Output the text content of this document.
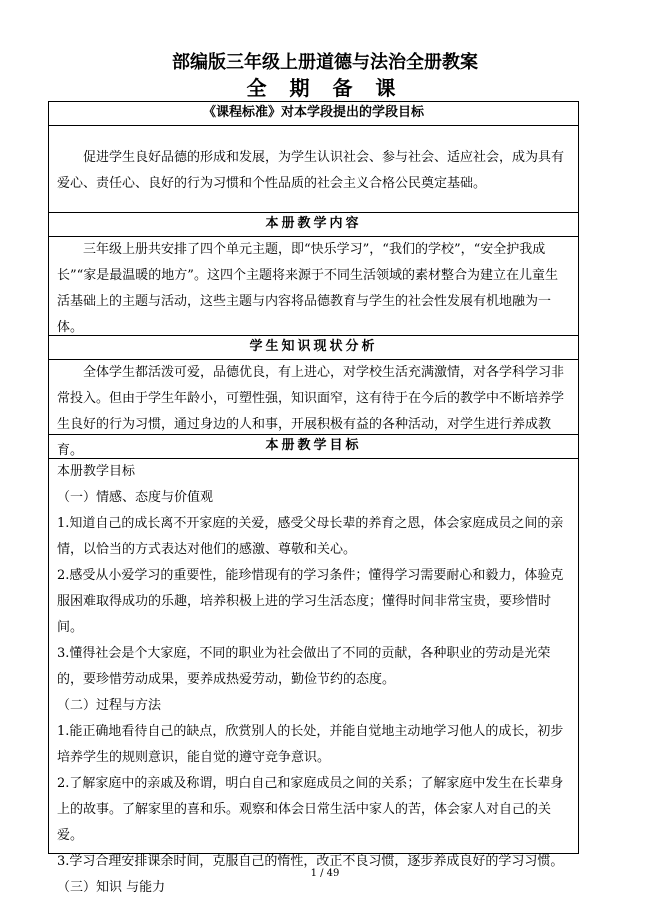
部编版三年级上册道德与法治全册教案
全 期 备 课
《课程标准》对本学段提出的学段目标

促进学生良好品德的形成和发展，为学生认识社会、参与社会、适应社会，成为具有爱心、责任心、良好的行为习惯和个性品质的社会主义合格公民奠定基础。

本册教学内容

三年级上册共安排了四个单元主题，即“快乐学习”，“我们的学校”，“安全护我成长”“家是最温暖的地方”。这四个主题将来源于不同生活领域的素材整合为建立在儿童生活基础上的主题与活动，这些主题与内容将品德教育与学生的社会性发展有机地融为一体。

学生知识现状分析

全体学生都活泼可爱，品德优良，有上进心，对学校生活充满激情，对各学科学习非常投入。但由于学生年龄小，可塑性强，知识面窄，这有待于在今后的教学中不断培养学生良好的行为习惯，通过身边的人和事，开展积极有益的各种活动，对学生进行养成教育。	本册教学目标

本册教学目标

（一）情感、态度与价值观

1.知道自己的成长离不开家庭的关爱，感受父母长辈的养育之恩，体会家庭成员之间的亲情，以恰当的方式表达对他们的感激、尊敬和关心。

2.感受从小爱学习的重要性，能珍惜现有的学习条件；懂得学习需要耐心和毅力，体验克服困难取得成功的乐趣，培养积极上进的学习生活态度；懂得时间非常宝贵，要珍惜时间。

3.懂得社会是个大家庭，不同的职业为社会做出了不同的贡献，各种职业的劳动是光荣的，要珍惜劳动成果，要养成热爱劳动，勤俭节约的态度。

（二）过程与方法

1.能正确地看待自己的缺点，欣赏别人的长处，并能自觉地主动地学习他人的成长，初步培养学生的规则意识，能自觉的遵守竞争意识。

2.了解家庭中的亲戚及称谓，明白自己和家庭成员之间的关系；了解家庭中发生在长辈身上的故事。了解家里的喜和乐。观察和体会日常生活中家人的苦，体会家人对自己的关爱。

3.学习合理安排课余时间，克服自己的惰性，改正不良习惯，逐步养成良好的学习习惯。

（三）知识 与能力

1 / 49
